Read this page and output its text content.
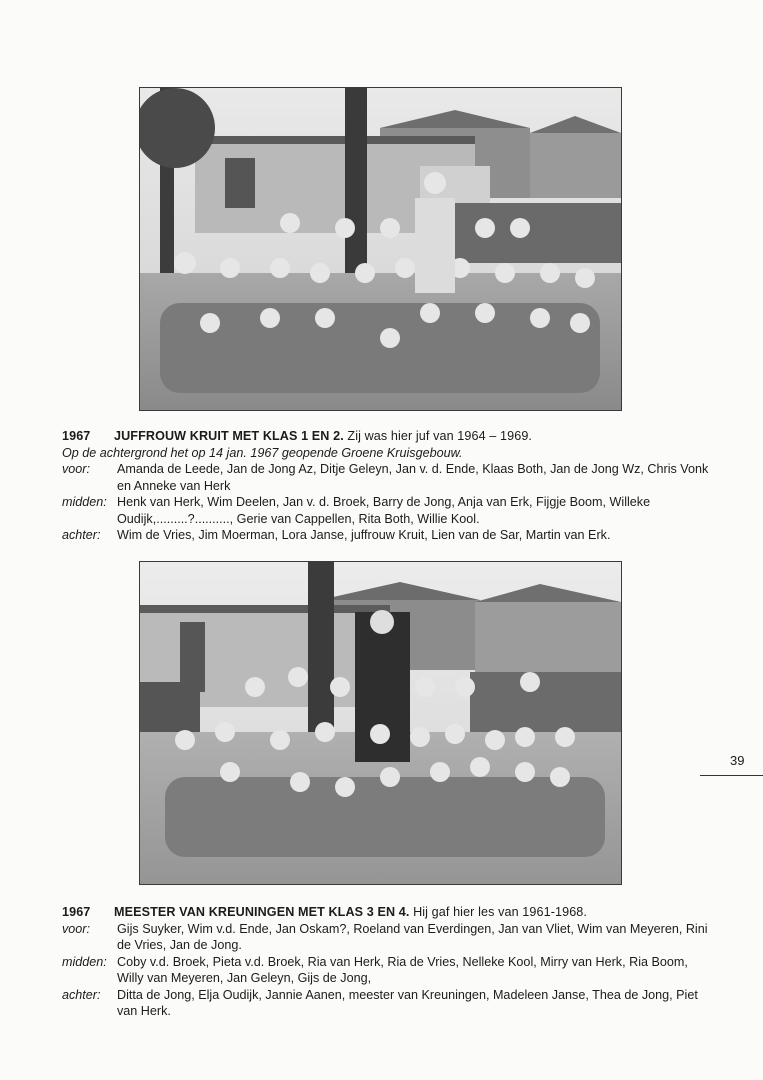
1967 JUFFROUW KRUIT MET KLAS 1 EN 2. Zij was hier juf van 1964 – 1969.
Op de achtergrond het op 14 jan. 1967 geopende Groene Kruisgebouw.
voor:	Amanda de Leede, Jan de Jong Az, Ditje Geleyn, Jan v. d. Ende, Klaas Both, Jan de Jong Wz, Chris Vonk en Anneke van Herk
midden: Henk van Herk, Wim Deelen, Jan v. d. Broek, Barry de Jong, Anja van Erk, Fijgje Boom, Willeke Oudijk,.........?.........., Gerie van Cappellen, Rita Both, Willie Kool.
achter:	Wim de Vries, Jim Moerman, Lora Janse, juffrouw Kruit, Lien van de Sar, Martin van Erk.
1967 MEESTER VAN KREUNINGEN MET KLAS 3 EN 4. Hij gaf hier les van 1961-1968.
voor:	Gijs Suyker, Wim v.d. Ende, Jan Oskam?, Roeland van Everdingen, Jan van Vliet, Wim van Meyeren, Rini de Vries, Jan de Jong.
midden: Coby v.d. Broek, Pieta v.d. Broek, Ria van Herk, Ria de Vries, Nelleke Kool, Mirry van Herk, Ria Boom, Willy van Meyeren, Jan Geleyn, Gijs de Jong,
achter:	Ditta de Jong, Elja Oudijk, Jannie Aanen, meester van Kreuningen, Madeleen Janse, Thea de Jong, Piet van Herk.
39
